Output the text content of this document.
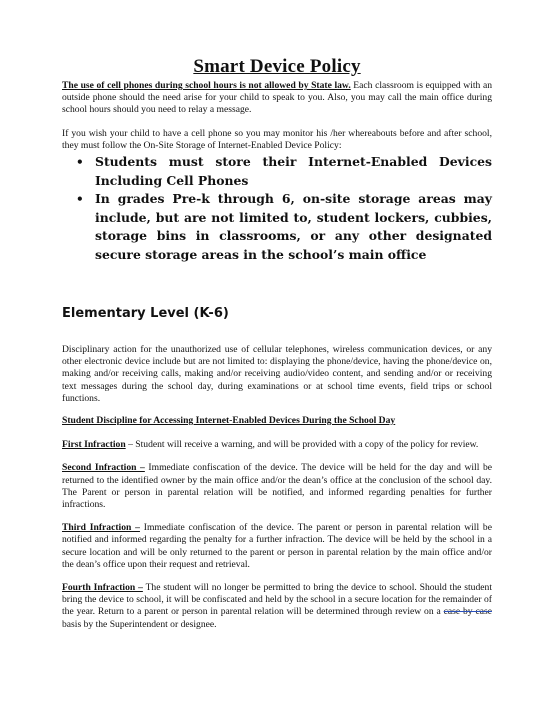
Smart Device Policy

The use of cell phones during school hours is not allowed by State law. Each classroom is equipped with an outside phone should the need arise for your child to speak to you. Also, you may call the main office during school hours should you need to relay a message.

If you wish your child to have a cell phone so you may monitor his /her whereabouts before and after school, they must follow the On-Site Storage of Internet-Enabled Device Policy:

• Students must store their Internet-Enabled Devices Including Cell Phones
• In grades Pre-k through 6, on-site storage areas may include, but are not limited to, student lockers, cubbies, storage bins in classrooms, or any other designated secure storage areas in the school’s main office
Elementary Level (K-6)

Disciplinary action for the unauthorized use of cellular telephones, wireless communication devices, or any other electronic device include but are not limited to: displaying the phone/device, having the phone/device on, making and/or receiving calls, making and/or receiving audio/video content, and sending and/or or receiving text messages during the school day, during examinations or at school time events, field trips or school functions.

Student Discipline for Accessing Internet-Enabled Devices During the School Day

First Infraction – Student will receive a warning, and will be provided with a copy of the policy for review.

Second Infraction – Immediate confiscation of the device. The device will be held for the day and will be returned to the identified owner by the main office and/or the dean’s office at the conclusion of the school day. The Parent or person in parental relation will be notified, and informed regarding penalties for further infractions.

Third Infraction – Immediate confiscation of the device. The parent or person in parental relation will be notified and informed regarding the penalty for a further infraction. The device will be held by the school in a secure location and will be only returned to the parent or person in parental relation by the main office and/or the dean’s office upon their request and retrieval.

Fourth Infraction – The student will no longer be permitted to bring the device to school. Should the student bring the device to school, it will be confiscated and held by the school in a secure location for the remainder of the year. Return to a parent or person in parental relation will be determined through review on a case by case basis by the Superintendent or designee.
